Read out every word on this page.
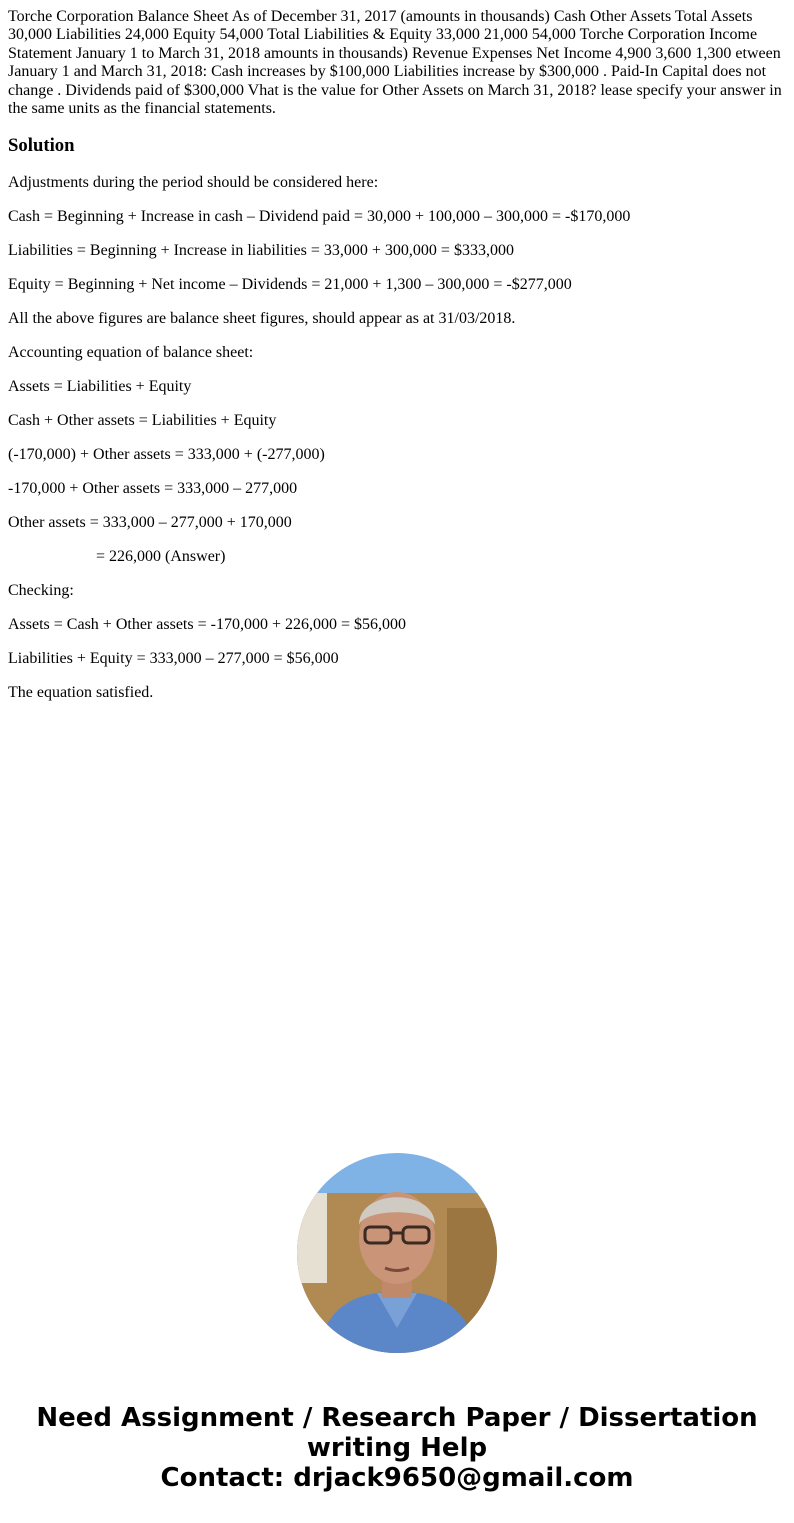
Torche Corporation Balance Sheet As of December 31, 2017 (amounts in thousands) Cash Other Assets Total Assets 30,000 Liabilities 24,000 Equity 54,000 Total Liabilities & Equity 33,000 21,000 54,000 Torche Corporation Income Statement January 1 to March 31, 2018 amounts in thousands) Revenue Expenses Net Income 4,900 3,600 1,300 etween January 1 and March 31, 2018: Cash increases by $100,000 Liabilities increase by $300,000 . Paid-In Capital does not change . Dividends paid of $300,000 Vhat is the value for Other Assets on March 31, 2018? lease specify your answer in the same units as the financial statements.
Solution

Adjustments during the period should be considered here:

Cash = Beginning + Increase in cash – Dividend paid = 30,000 + 100,000 – 300,000 = -$170,000

Liabilities = Beginning + Increase in liabilities = 33,000 + 300,000 = $333,000

Equity = Beginning + Net income – Dividends = 21,000 + 1,300 – 300,000 = -$277,000

All the above figures are balance sheet figures, should appear as at 31/03/2018.

Accounting equation of balance sheet:

Assets = Liabilities + Equity

Cash + Other assets = Liabilities + Equity

(-170,000) + Other assets = 333,000 + (-277,000)

-170,000 + Other assets = 333,000 – 277,000

Other assets = 333,000 – 277,000 + 170,000

= 226,000 (Answer)

Checking:

Assets = Cash + Other assets = -170,000 + 226,000 = $56,000

Liabilities + Equity = 333,000 – 277,000 = $56,000

The equation satisfied.

Need Assignment / Research Paper / Dissertation
writing Help
Contact: drjack9650@gmail.com
